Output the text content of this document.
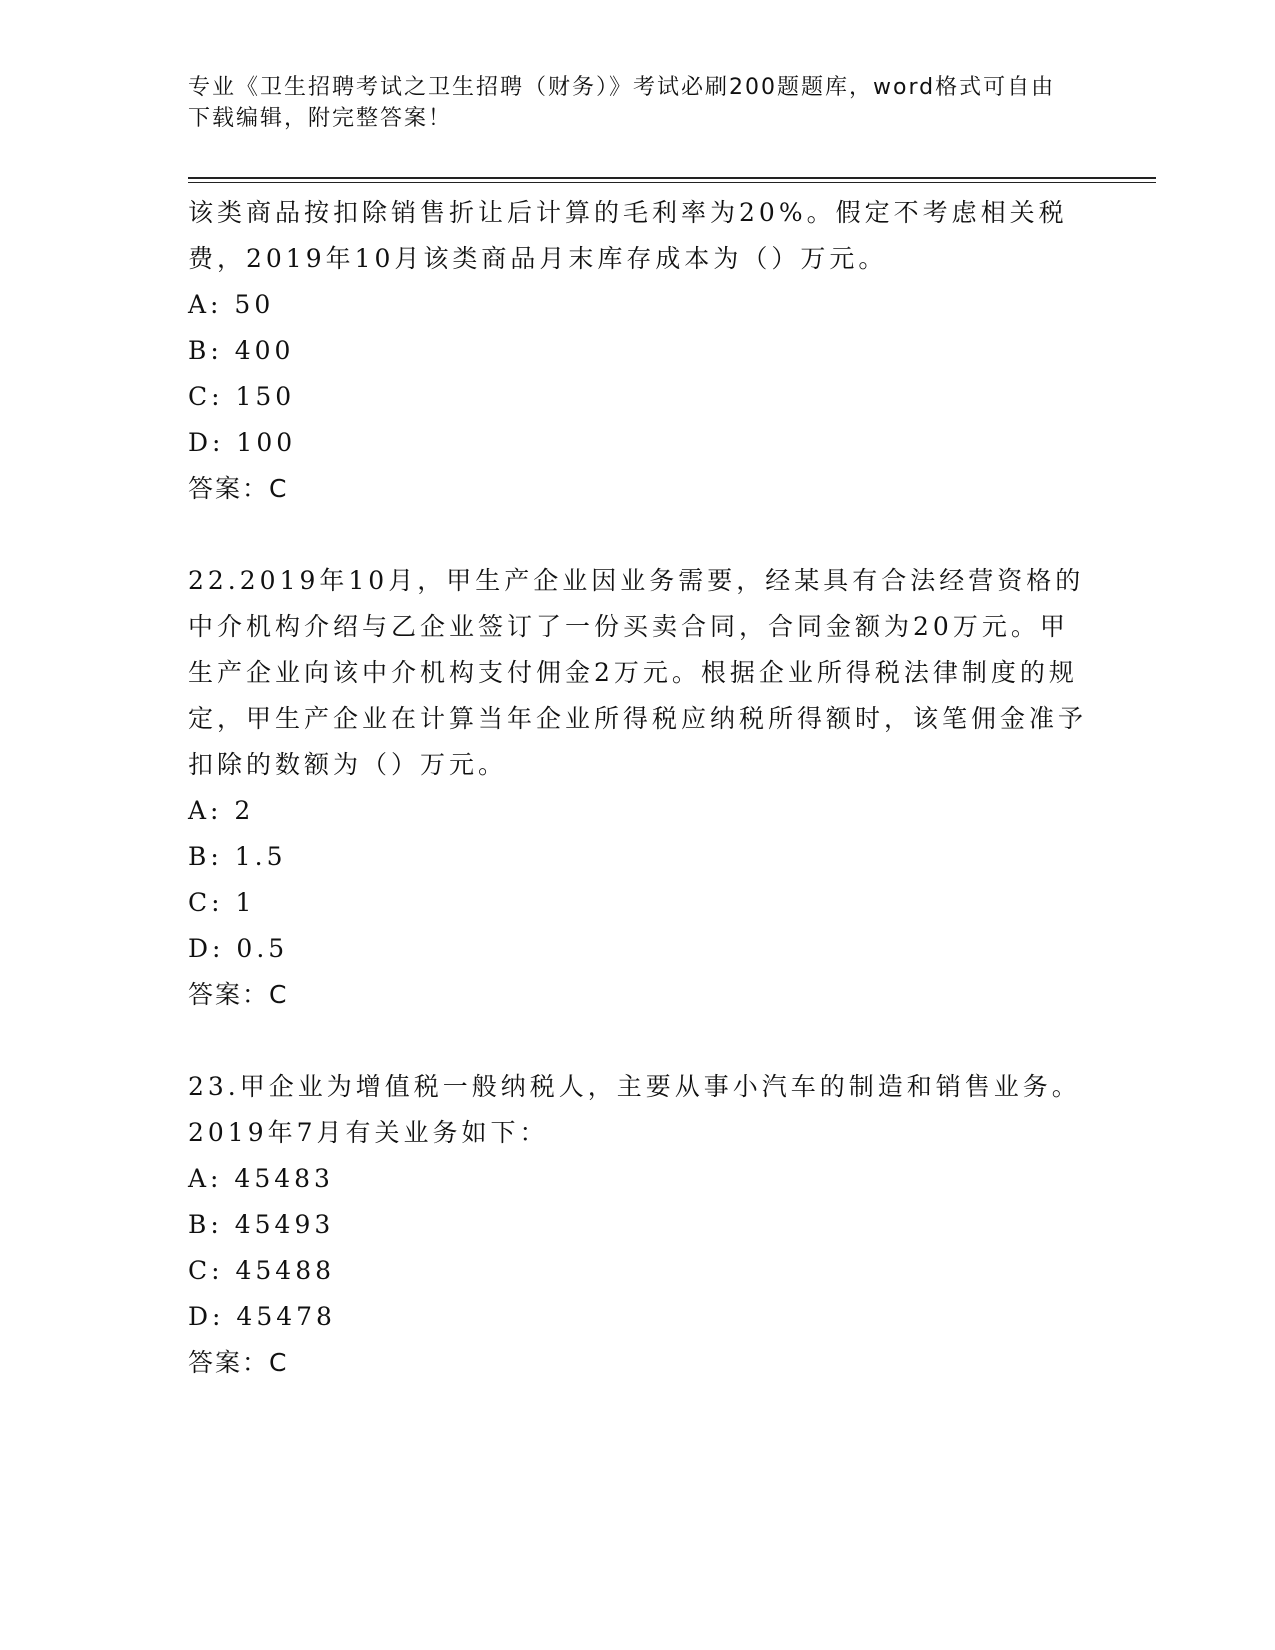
专业《卫生招聘考试之卫生招聘（财务）》考试必刷200题题库，word格式可自由下载编辑，附完整答案！

该类商品按扣除销售折让后计算的毛利率为20%。假定不考虑相关税费，2019年10月该类商品月末库存成本为（）万元。

A: 50

B: 400

C: 150

D: 100

答案：C

22.2019年10月，甲生产企业因业务需要，经某具有合法经营资格的中介机构介绍与乙企业签订了一份买卖合同，合同金额为20万元。甲生产企业向该中介机构支付佣金2万元。根据企业所得税法律制度的规定，甲生产企业在计算当年企业所得税应纳税所得额时，该笔佣金准予扣除的数额为（）万元。

A: 2

B: 1.5

C: 1

D: 0.5

答案：C

23.甲企业为增值税一般纳税人，主要从事小汽车的制造和销售业务。2019年7月有关业务如下：

A: 45483

B: 45493

C: 45488

D: 45478

答案：C
